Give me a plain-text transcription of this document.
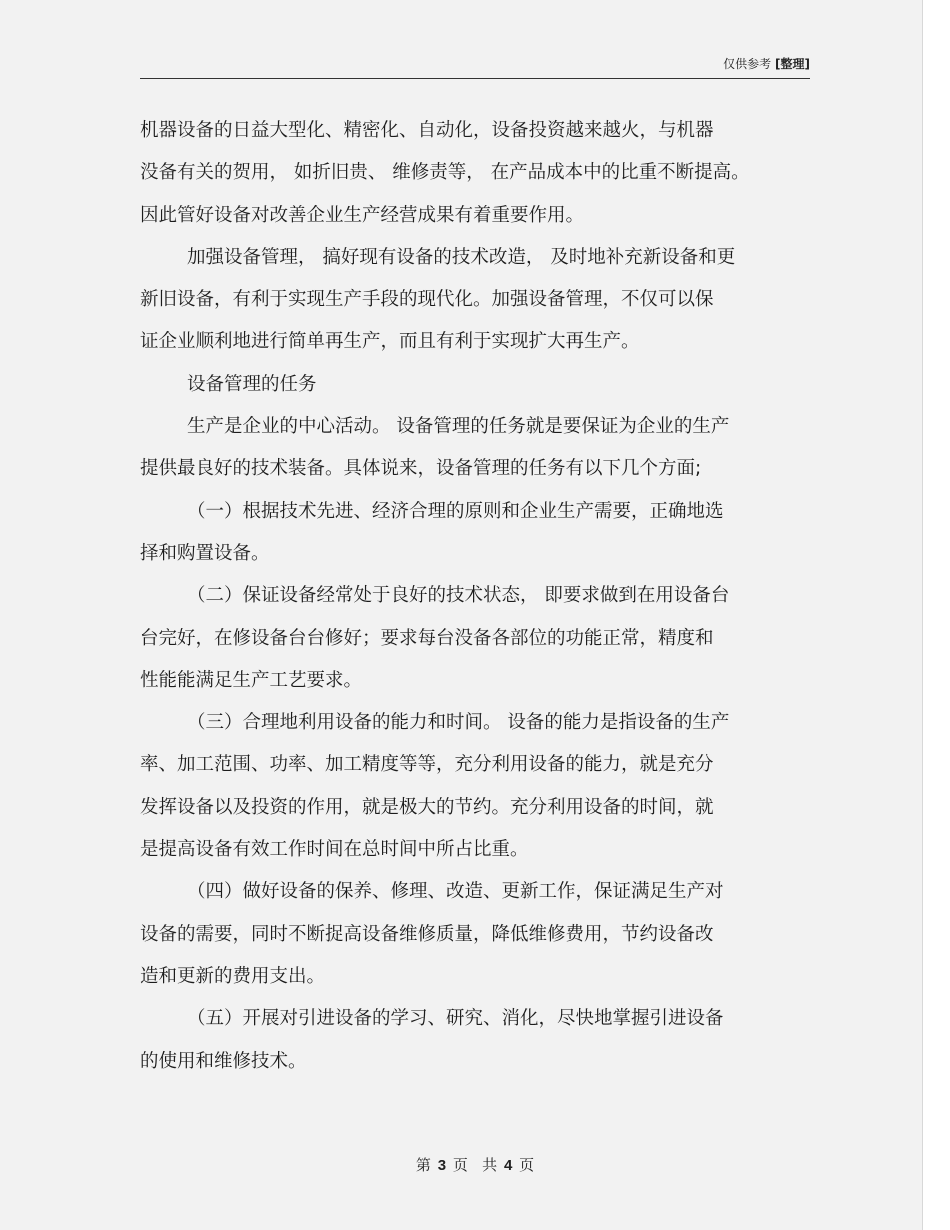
仅供参考 [整理]
机器设备的日益大型化、精密化、自动化，设备投资越来越火，与机器
没备有关的贺用， 如折旧贵、 维修责等， 在产品成本中的比重不断提高。
因此管好设备对改善企业生产经营成果有着重要作用。
加强设备管理， 搞好现有设备的技术改造， 及时地补充新设备和更
新旧设备，有利于实现生产手段的现代化。加强设备管理，不仅可以保
证企业顺利地进行简单再生产，而且有利于实现扩大再生产。
设备管理的任务
生产是企业的中心活动。 设备管理的任务就是要保证为企业的生产
提供最良好的技术装备。具体说来，设备管理的任务有以下几个方面;
（一）根据技术先进、经济合理的原则和企业生产需要，正确地选
择和购置设备。
（二）保证设备经常处于良好的技术状态， 即要求做到在用设备台
台完好，在修设备台台修好；要求每台没备各部位的功能正常，精度和
性能能满足生产工艺要求。
（三）合理地利用设备的能力和时间。 设备的能力是指设备的生产
率、加工范围、功率、加工精度等等，充分利用设备的能力，就是充分
发挥设备以及投资的作用，就是极大的节约。充分利用设备的时间，就
是提高设备有效工作时间在总时间中所占比重。
（四）做好设备的保养、修理、改造、更新工作，保证满足生产对
设备的需要，同时不断捉高设备维修质量，降低维修费用，节约设备改
造和更新的费用支出。
（五）开展对引进设备的学习、研究、消化，尽快地掌握引进设备
的使用和维修技术。
第 3 页 共 4 页
